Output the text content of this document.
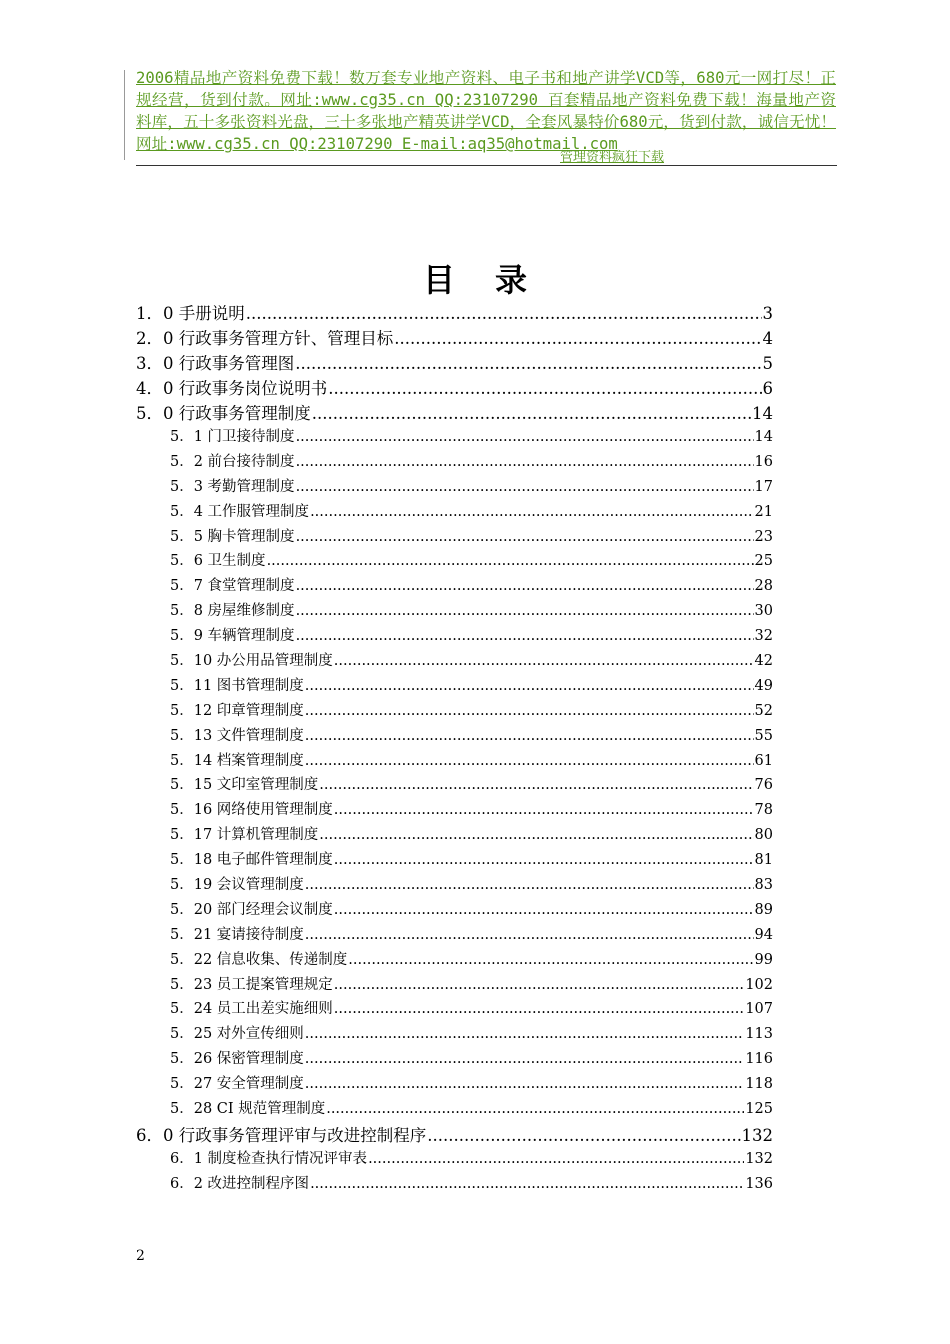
2006精品地产资料免费下载！数万套专业地产资料、电子书和地产讲学VCD等，680元一网打尽！正规经营，货到付款。网址:www.cg35.cn QQ:23107290 百套精品地产资料免费下载！海量地产资料库，五十多张资料光盘，三十多张地产精英讲学VCD，全套风暴特价680元，货到付款，诚信无忧！网址:www.cg35.cn QQ:23107290 E-mail:aq35@hotmail.com

管理资料疯狂下载
目录
1．0 手册说明 .....	3
2．0 行政事务管理方针、管理目标 .....	4
3．0 行政事务管理图 .....	5
4．0 行政事务岗位说明书 .....	6
5．0 行政事务管理制度 .....	14
5．1 门卫接待制度 .....	14
5．2 前台接待制度 .....	16
5．3 考勤管理制度 .....	17
5．4 工作服管理制度 .....	21
5．5 胸卡管理制度 .....	23
5．6 卫生制度 .....	25
5．7 食堂管理制度 .....	28
5．8 房屋维修制度 .....	30
5．9 车辆管理制度 .....	32
5．10 办公用品管理制度 .....	42
5．11 图书管理制度 .....	49
5．12 印章管理制度 .....	52
5．13 文件管理制度 .....	55
5．14 档案管理制度 .....	61
5．15 文印室管理制度 .....	76
5．16 网络使用管理制度 .....	78
5．17 计算机管理制度 .....	80
5．18 电子邮件管理制度 .....	81
5．19 会议管理制度 .....	83
5．20 部门经理会议制度 .....	89
5．21 宴请接待制度 .....	94
5．22 信息收集、传递制度 .....	99
5．23 员工提案管理规定 .....	102
5．24 员工出差实施细则 .....	107
5．25 对外宣传细则 .....	113
5．26 保密管理制度 .....	116
5．27 安全管理制度 .....	118
5．28 CI 规范管理制度 .....	125
6．0 行政事务管理评审与改进控制程序 .....	132
6．1 制度检查执行情况评审表 .....	132
6．2 改进控制程序图 .....	136
2
